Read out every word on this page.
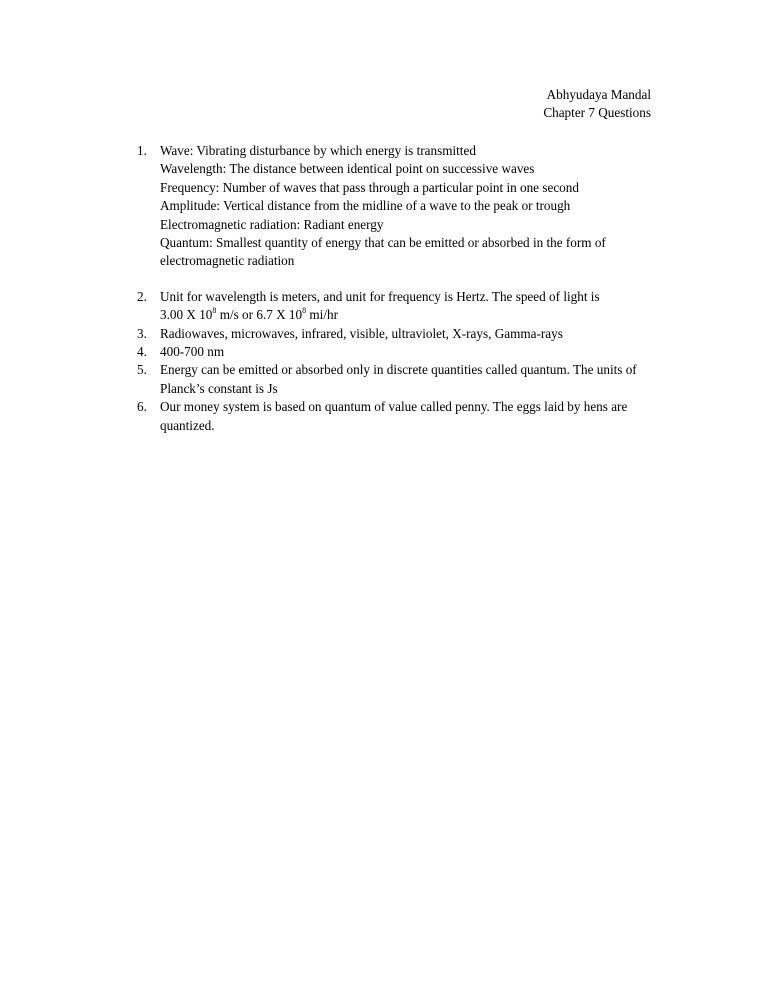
Abhyudaya Mandal
Chapter 7 Questions
1. Wave: Vibrating disturbance by which energy is transmitted
Wavelength: The distance between identical point on successive waves
Frequency: Number of waves that pass through a particular point in one second
Amplitude: Vertical distance from the midline of a wave to the peak or trough
Electromagnetic radiation: Radiant energy
Quantum: Smallest quantity of energy that can be emitted or absorbed in the form of electromagnetic radiation
2. Unit for wavelength is meters, and unit for frequency is Hertz. The speed of light is
3.00 X $10^8$ m/s or 6.7 X $10^8$ mi/hr
3. Radiowaves, microwaves, infrared, visible, ultraviolet, X-rays, Gamma-rays
4. 400-700 nm
5. Energy can be emitted or absorbed only in discrete quantities called quantum. The units of Planck’s constant is Js
6. Our money system is based on quantum of value called penny. The eggs laid by hens are quantized.
